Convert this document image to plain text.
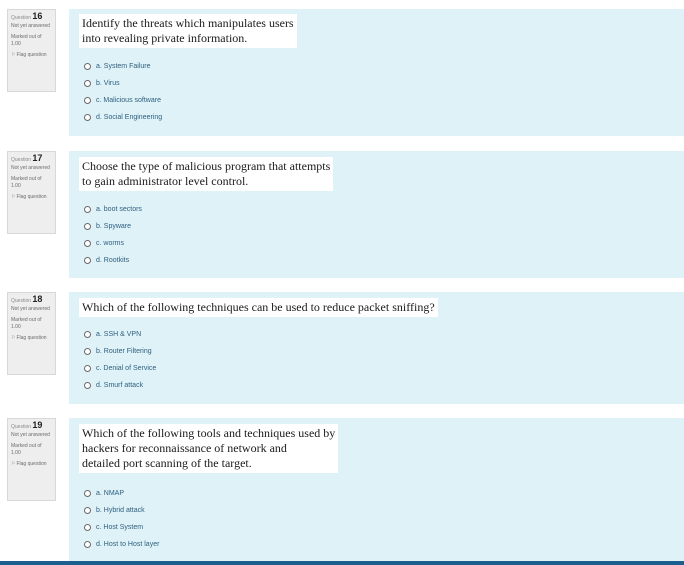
Question 16
Not yet answered
Marked out of 1.00
⚐Flag question
Identify the threats which manipulates users
into revealing private information.
a. System Failure
b. Virus
c. Malicious software
d. Social Engineering
Question 17
Not yet answered
Marked out of 1.00
⚐Flag question
Choose the type of malicious program that attempts
to gain administrator level control.
a. boot sectors
b. Spyware
c. worms
d. Rootkits
Question 18
Not yet answered
Marked out of 1.00
⚐Flag question
Which of the following techniques can be used to reduce packet sniffing?
a. SSH & VPN
b. Router Filtering
c. Denial of Service
d. Smurf attack
Question 19
Not yet answered
Marked out of 1.00
⚐Flag question
Which of the following tools and techniques used by
hackers for reconnaissance of network and
detailed port scanning of the target.
a. NMAP
b. Hybrid attack
c. Host System
d. Host to Host layer
